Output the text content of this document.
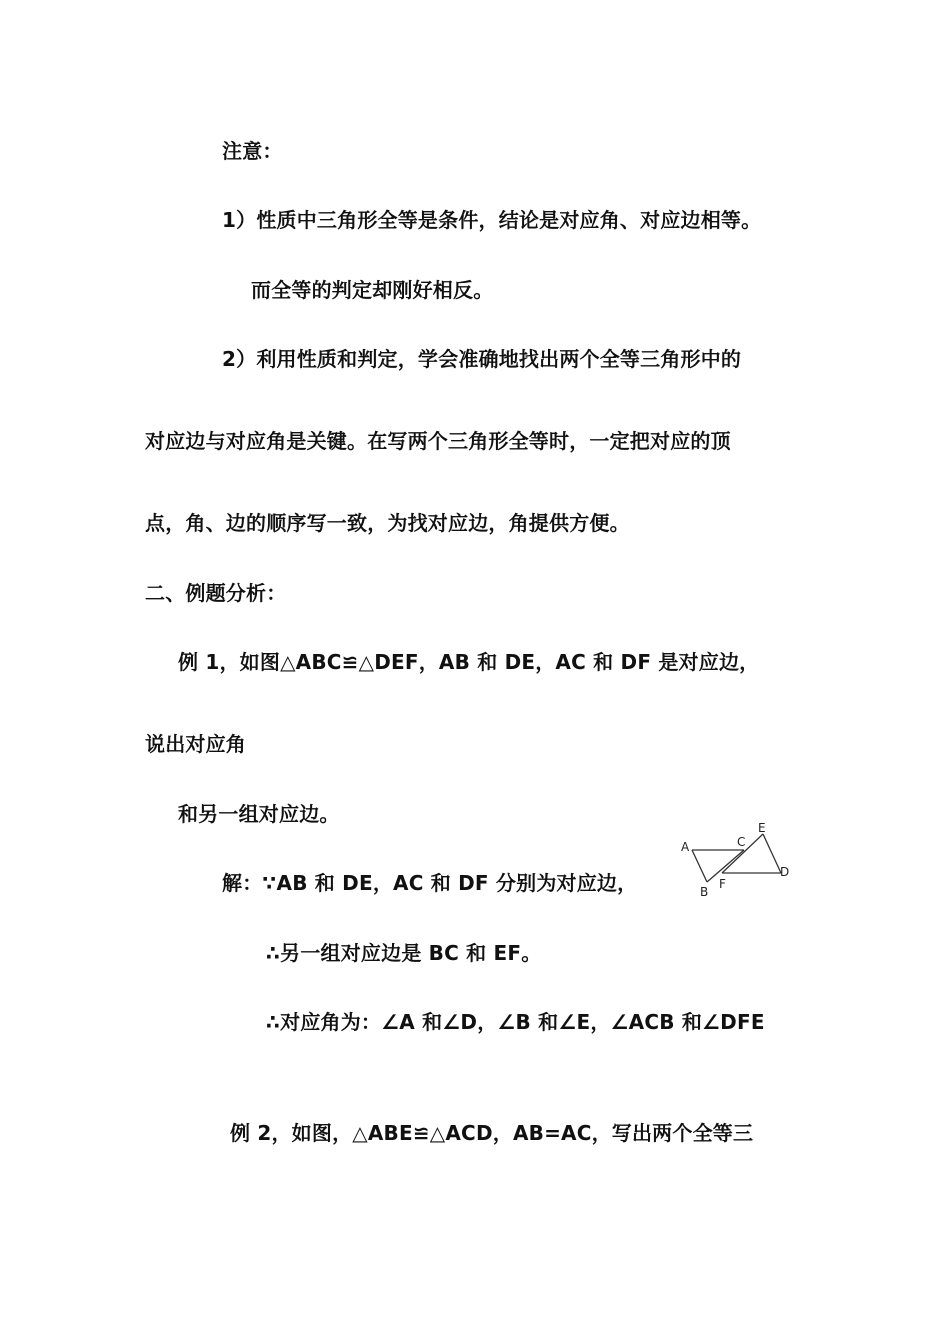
注意：
1）性质中三角形全等是条件，结论是对应角、对应边相等。
而全等的判定却刚好相反。
2）利用性质和判定，学会准确地找出两个全等三角形中的
对应边与对应角是关键。在写两个三角形全等时，一定把对应的顶
点，角、边的顺序写一致，为找对应边，角提供方便。
二、例题分析：
例 1，如图△ABC≌△DEF，AB 和 DE，AC 和 DF 是对应边，
说出对应角
和另一组对应边。
解：∵AB 和 DE，AC 和 DF 分别为对应边，
∴另一组对应边是 BC 和 EF。
∴对应角为：∠A 和∠D，∠B 和∠E，∠ACB 和∠DFE
例 2，如图，△ABE≌△ACD，AB=AC，写出两个全等三
A
B
C
D
E
F
